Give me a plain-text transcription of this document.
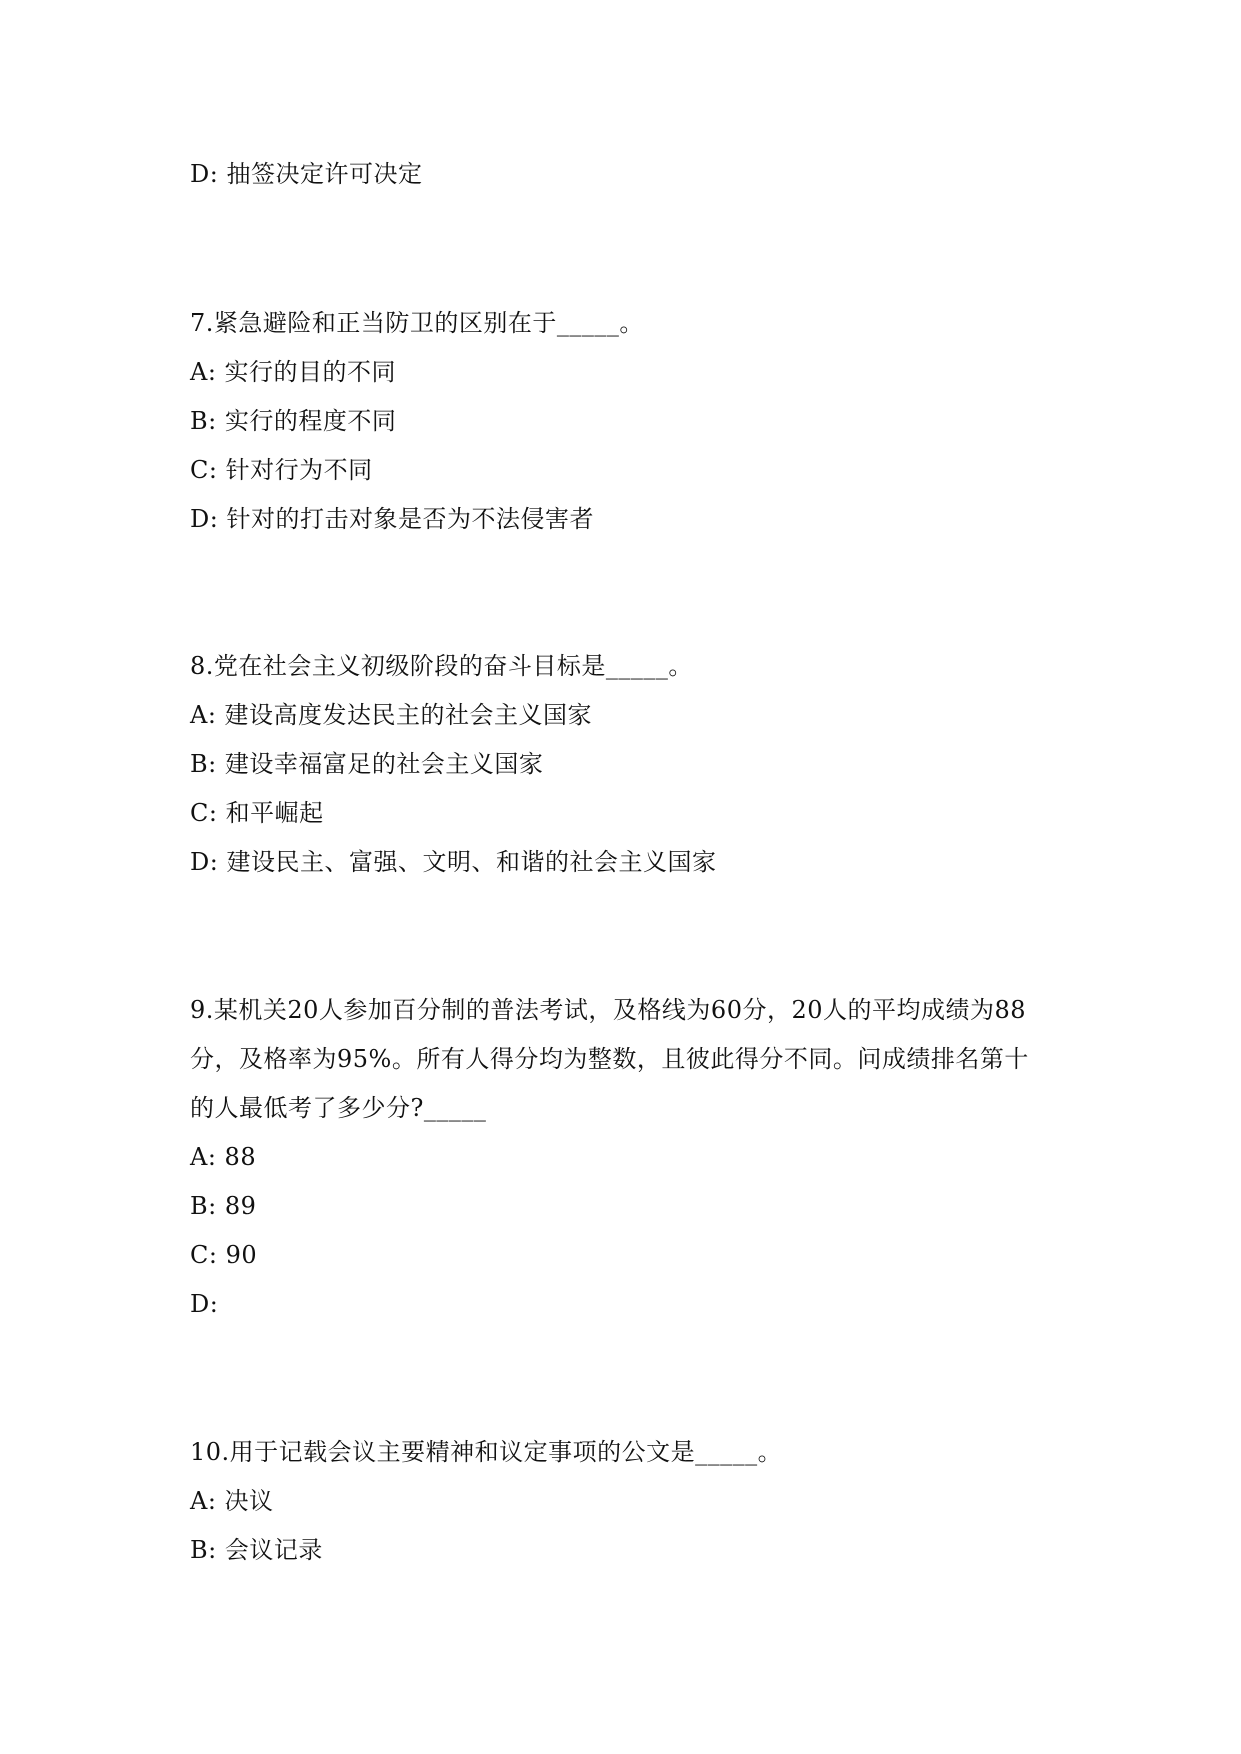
D: 抽签决定许可决定
7.紧急避险和正当防卫的区别在于_____。
A: 实行的目的不同
B: 实行的程度不同
C: 针对行为不同
D: 针对的打击对象是否为不法侵害者
8.党在社会主义初级阶段的奋斗目标是_____。
A: 建设高度发达民主的社会主义国家
B: 建设幸福富足的社会主义国家
C: 和平崛起
D: 建设民主、富强、文明、和谐的社会主义国家
9.某机关20人参加百分制的普法考试，及格线为60分，20人的平均成绩为88
分，及格率为95%。所有人得分均为整数，且彼此得分不同。问成绩排名第十
的人最低考了多少分?_____
A: 88
B: 89
C: 90
D:
10.用于记载会议主要精神和议定事项的公文是_____。
A: 决议
B: 会议记录
